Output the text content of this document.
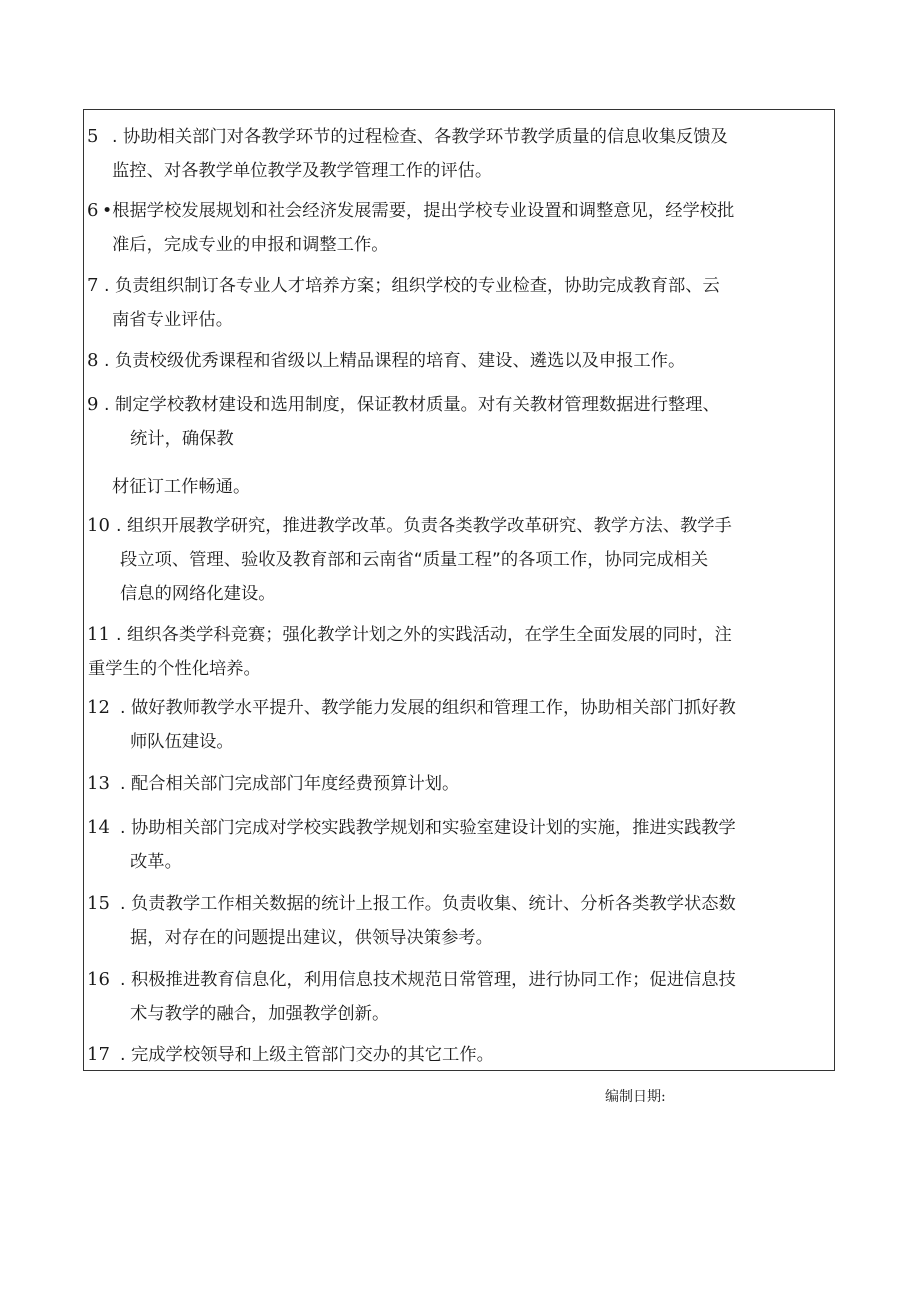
5 . 协助相关部门对各教学环节的过程检查、各教学环节教学质量的信息收集反馈及
监控、对各教学单位教学及教学管理工作的评估。
6 •根据学校发展规划和社会经济发展需要，提出学校专业设置和调整意见，经学校批
准后，完成专业的申报和调整工作。
7 . 负责组织制订各专业人才培养方案；组织学校的专业检查，协助完成教育部、云
南省专业评估。
8 . 负责校级优秀课程和省级以上精品课程的培育、建设、遴选以及申报工作。
9 . 制定学校教材建设和选用制度，保证教材质量。对有关教材管理数据进行整理、
统计，确保教
材征订工作畅通。
10 . 组织开展教学研究，推进教学改革。负责各类教学改革研究、教学方法、教学手
段立项、管理、验收及教育部和云南省“质量工程”的各项工作，协同完成相关
信息的网络化建设。
11 . 组织各类学科竞赛；强化教学计划之外的实践活动，在学生全面发展的同时，注
重学生的个性化培养。
12 . 做好教师教学水平提升、教学能力发展的组织和管理工作，协助相关部门抓好教
师队伍建设。
13 . 配合相关部门完成部门年度经费预算计划。
14 . 协助相关部门完成对学校实践教学规划和实验室建设计划的实施，推进实践教学
改革。
15 . 负责教学工作相关数据的统计上报工作。负责收集、统计、分析各类教学状态数
据，对存在的问题提出建议，供领导决策参考。
16 . 积极推进教育信息化，利用信息技术规范日常管理，进行协同工作；促进信息技
术与教学的融合，加强教学创新。
17 . 完成学校领导和上级主管部门交办的其它工作。
编制日期:
